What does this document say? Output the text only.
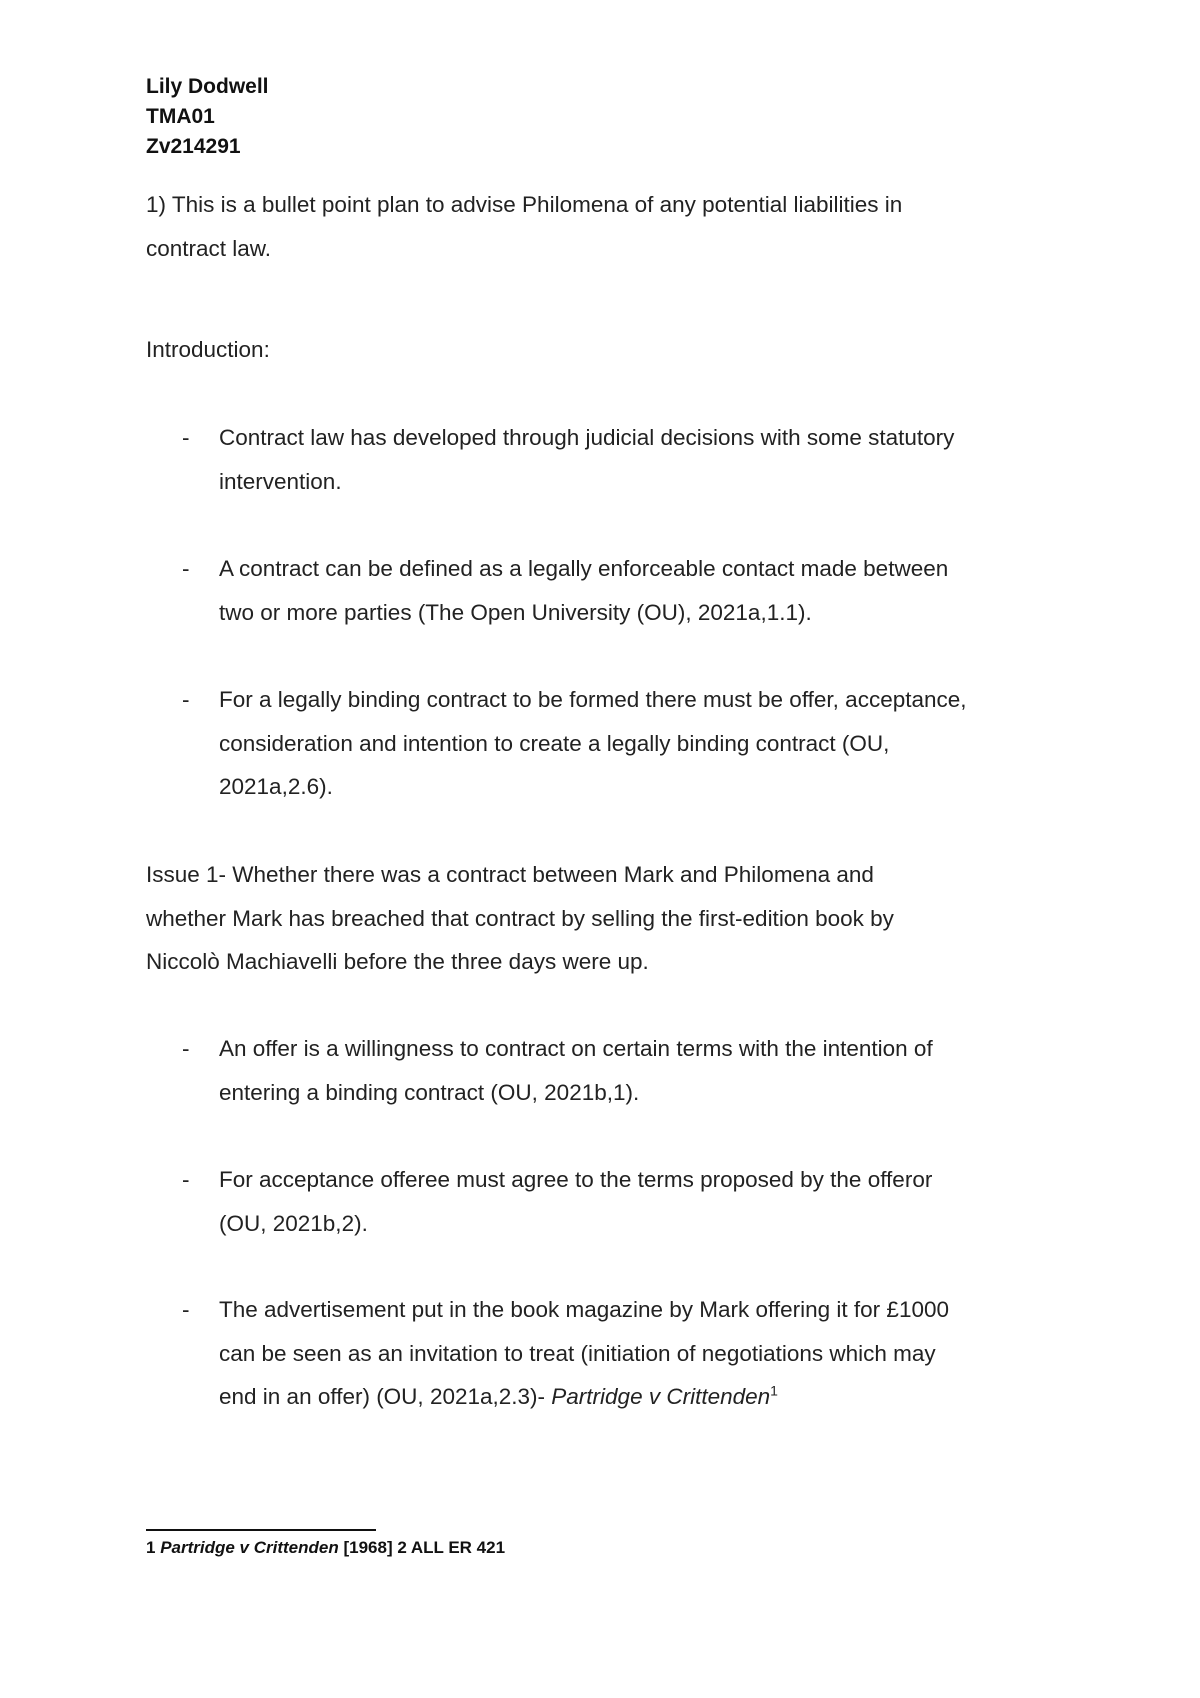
Lily Dodwell
TMA01
Zv214291
1) This is a bullet point plan to advise Philomena of any potential liabilities in
contract law.
Introduction:
- Contract law has developed through judicial decisions with some statutory
intervention.
- A contract can be defined as a legally enforceable contact made between
two or more parties (The Open University (OU), 2021a,1.1).
- For a legally binding contract to be formed there must be offer, acceptance,
consideration and intention to create a legally binding contract (OU,
2021a,2.6).
Issue 1- Whether there was a contract between Mark and Philomena and
whether Mark has breached that contract by selling the first-edition book by
Niccolò Machiavelli before the three days were up.
- An offer is a willingness to contract on certain terms with the intention of
entering a binding contract (OU, 2021b,1).
- For acceptance offeree must agree to the terms proposed by the offeror
(OU, 2021b,2).
- The advertisement put in the book magazine by Mark offering it for £1000
can be seen as an invitation to treat (initiation of negotiations which may
end in an offer) (OU, 2021a,2.3)- Partridge v Crittenden$^1$
1 Partridge v Crittenden [1968] 2 ALL ER 421
